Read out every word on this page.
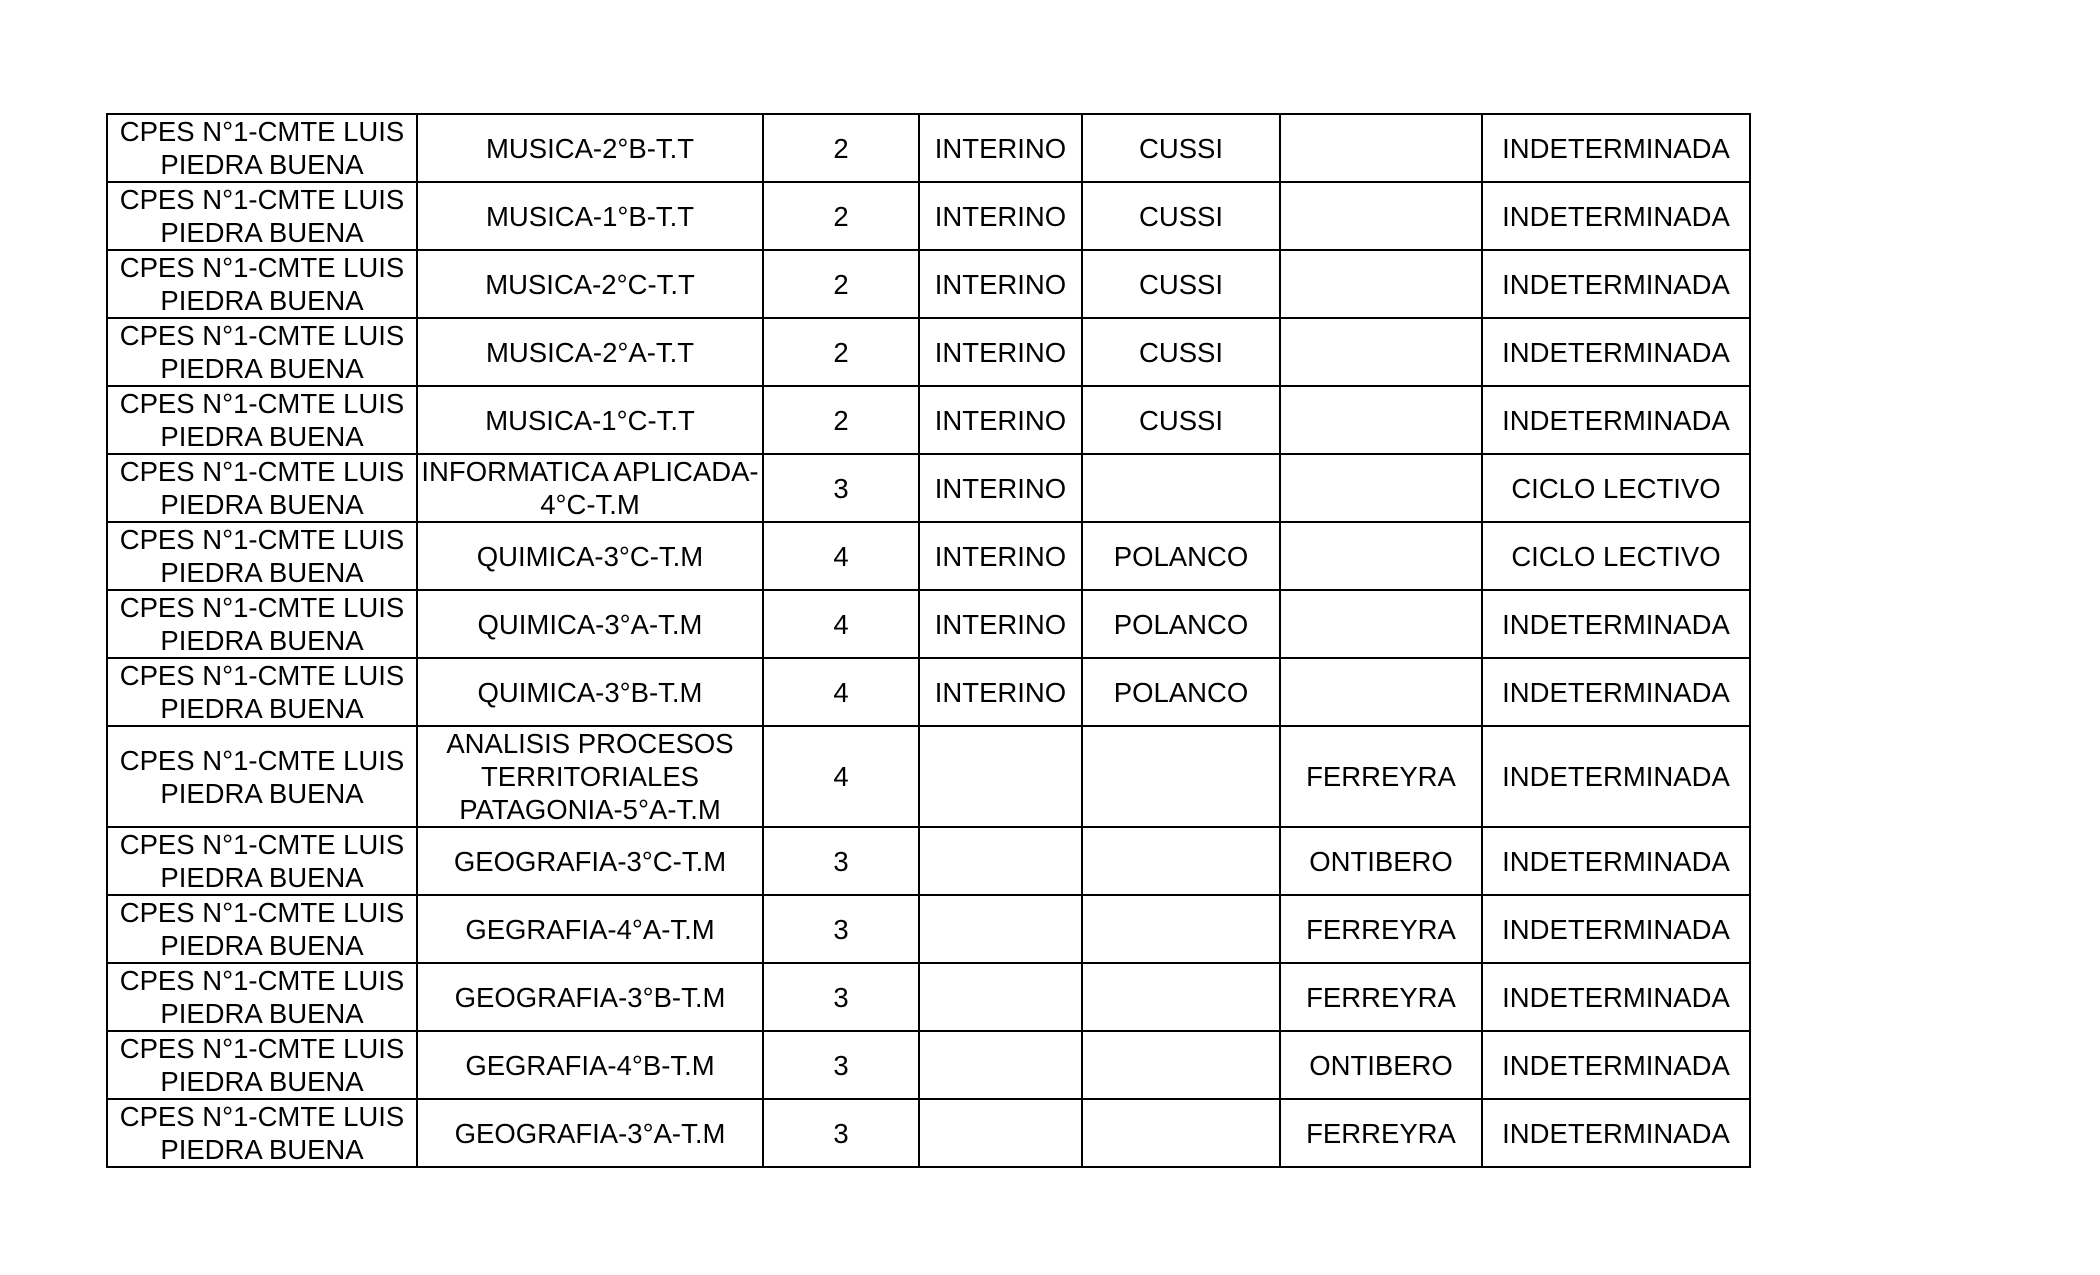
CPES N°1-CMTE LUIS PIEDRA BUENA	MUSICA-2°B-T.T	2	INTERINO	CUSSI		INDETERMINADA
CPES N°1-CMTE LUIS PIEDRA BUENA	MUSICA-1°B-T.T	2	INTERINO	CUSSI		INDETERMINADA
CPES N°1-CMTE LUIS PIEDRA BUENA	MUSICA-2°C-T.T	2	INTERINO	CUSSI		INDETERMINADA
CPES N°1-CMTE LUIS PIEDRA BUENA	MUSICA-2°A-T.T	2	INTERINO	CUSSI		INDETERMINADA
CPES N°1-CMTE LUIS PIEDRA BUENA	MUSICA-1°C-T.T	2	INTERINO	CUSSI		INDETERMINADA
CPES N°1-CMTE LUIS PIEDRA BUENA	INFORMATICA APLICADA-4°C-T.M	3	INTERINO			CICLO LECTIVO
CPES N°1-CMTE LUIS PIEDRA BUENA	QUIMICA-3°C-T.M	4	INTERINO	POLANCO		CICLO LECTIVO
CPES N°1-CMTE LUIS PIEDRA BUENA	QUIMICA-3°A-T.M	4	INTERINO	POLANCO		INDETERMINADA
CPES N°1-CMTE LUIS PIEDRA BUENA	QUIMICA-3°B-T.M	4	INTERINO	POLANCO		INDETERMINADA
CPES N°1-CMTE LUIS PIEDRA BUENA	ANALISIS PROCESOS TERRITORIALES PATAGONIA-5°A-T.M	4			FERREYRA	INDETERMINADA
CPES N°1-CMTE LUIS PIEDRA BUENA	GEOGRAFIA-3°C-T.M	3			ONTIBERO	INDETERMINADA
CPES N°1-CMTE LUIS PIEDRA BUENA	GEGRAFIA-4°A-T.M	3			FERREYRA	INDETERMINADA
CPES N°1-CMTE LUIS PIEDRA BUENA	GEOGRAFIA-3°B-T.M	3			FERREYRA	INDETERMINADA
CPES N°1-CMTE LUIS PIEDRA BUENA	GEGRAFIA-4°B-T.M	3			ONTIBERO	INDETERMINADA
CPES N°1-CMTE LUIS PIEDRA BUENA	GEOGRAFIA-3°A-T.M	3			FERREYRA	INDETERMINADA
